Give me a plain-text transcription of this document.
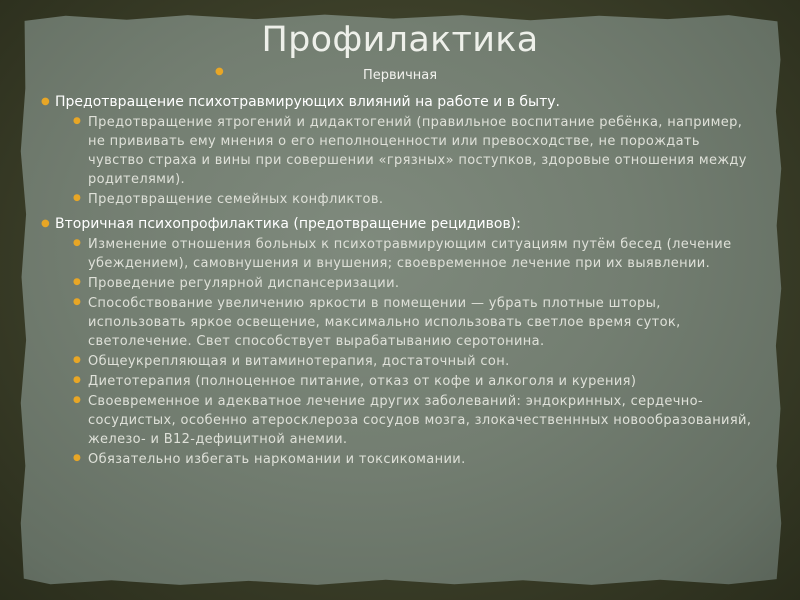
Профилактика
●	Первичная
● Предотвращение психотравмирующих влияний на работе и в быту.
● Предотвращение ятрогений и дидактогений (правильное воспитание ребёнка, например, не прививать ему мнения о его неполноценности или превосходстве, не порождать чувство страха и вины при совершении «грязных» поступков, здоровые отношения между родителями).
● Предотвращение семейных конфликтов.
● Вторичная психопрофилактика (предотвращение рецидивов):
● Изменение отношения больных к психотравмирующим ситуациям путём бесед (лечение убеждением), самовнушения и внушения; своевременное лечение при их выявлении.
● Проведение регулярной диспансеризации.
● Способствование увеличению яркости в помещении — убрать плотные шторы, использовать яркое освещение, максимально использовать светлое время суток, светолечение. Свет способствует вырабатыванию серотонина.
● Общеукрепляющая и витаминотерапия, достаточный сон.
● Диетотерапия (полноценное питание, отказ от кофе и алкоголя и курения)
● Своевременное и адекватное лечение других заболеваний: эндокринных, сердечно-сосудистых, особенно атеросклероза сосудов мозга, злокачественнных новообразованияй, железо- и В12-дефицитной анемии.
● Обязательно избегать наркомании и токсикомании.
